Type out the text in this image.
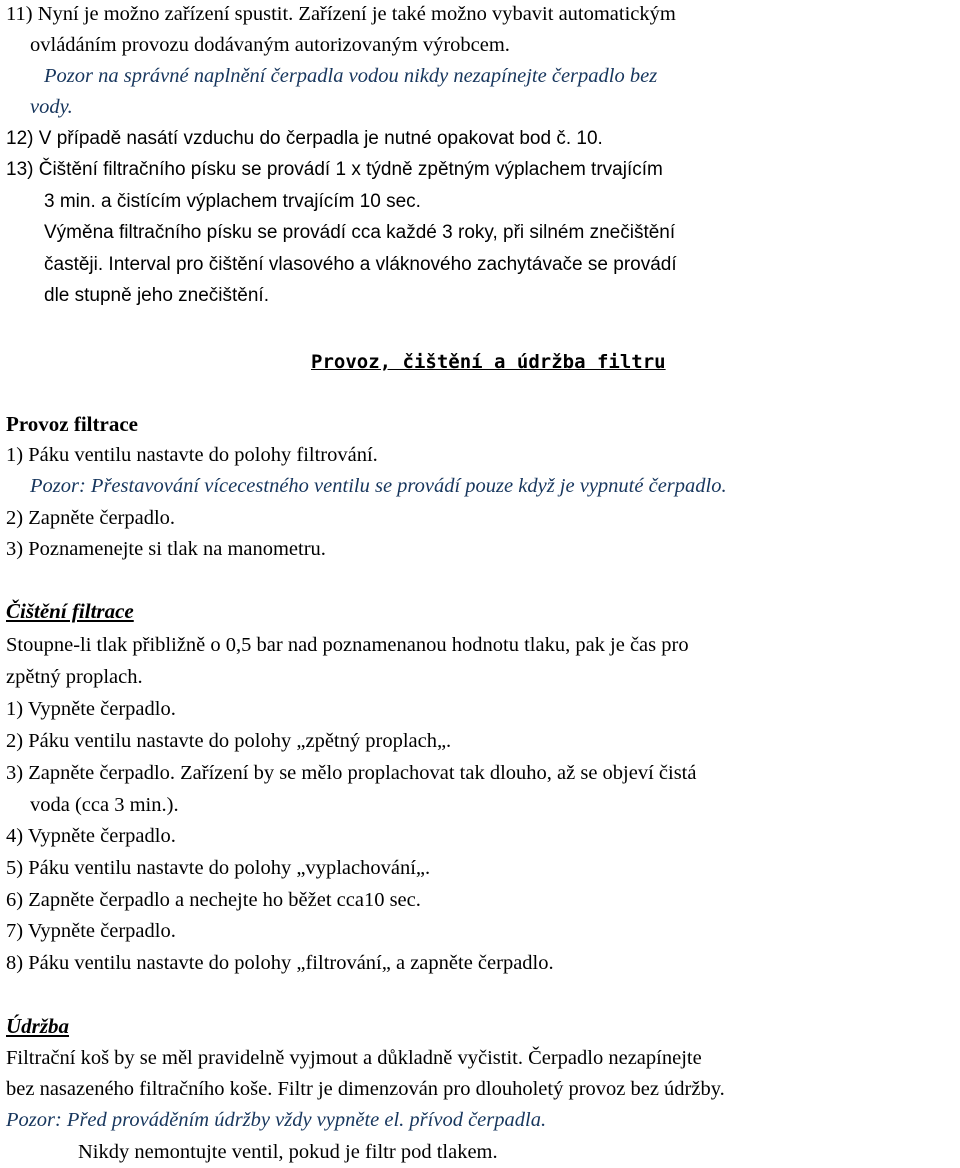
11) Nyní je možno zařízení spustit. Zařízení je také možno vybavit automatickým
ovládáním provozu dodávaným autorizovaným výrobcem.
Pozor na správné naplnění čerpadla vodou nikdy nezapínejte čerpadlo bez
vody.
12) V případě nasátí vzduchu do čerpadla je nutné opakovat bod č. 10.
13) Čištění filtračního písku se provádí 1 x týdně zpětným výplachem trvajícím
3 min. a čistícím výplachem trvajícím 10 sec.
Výměna filtračního písku se provádí cca každé 3 roky, při silném znečištění
častěji. Interval pro čištění vlasového a vláknového zachytávače se provádí
dle stupně jeho znečištění.
Provoz, čištění a údržba filtru
Provoz filtrace
1) Páku ventilu nastavte do polohy filtrování.
Pozor: Přestavování vícecestného ventilu se provádí pouze když je vypnuté čerpadlo.
2) Zapněte čerpadlo.
3) Poznamenejte si tlak na manometru.
Čištění filtrace
Stoupne-li tlak přibližně o 0,5 bar nad poznamenanou hodnotu tlaku, pak je čas pro
zpětný proplach.
1) Vypněte čerpadlo.
2) Páku ventilu nastavte do polohy „zpětný proplach„.
3) Zapněte čerpadlo. Zařízení by se mělo proplachovat tak dlouho, až se objeví čistá
voda (cca 3 min.).
4) Vypněte čerpadlo.
5) Páku ventilu nastavte do polohy „vyplachování„.
6) Zapněte čerpadlo a nechejte ho běžet cca10 sec.
7) Vypněte čerpadlo.
8) Páku ventilu nastavte do polohy „filtrování„ a zapněte čerpadlo.
Údržba
Filtrační koš by se měl pravidelně vyjmout a důkladně vyčistit. Čerpadlo nezapínejte
bez nasazeného filtračního koše. Filtr je dimenzován pro dlouholetý provoz bez údržby.
Pozor: Před prováděním údržby vždy vypněte el. přívod čerpadla.
Nikdy nemontujte ventil, pokud je filtr pod tlakem.
